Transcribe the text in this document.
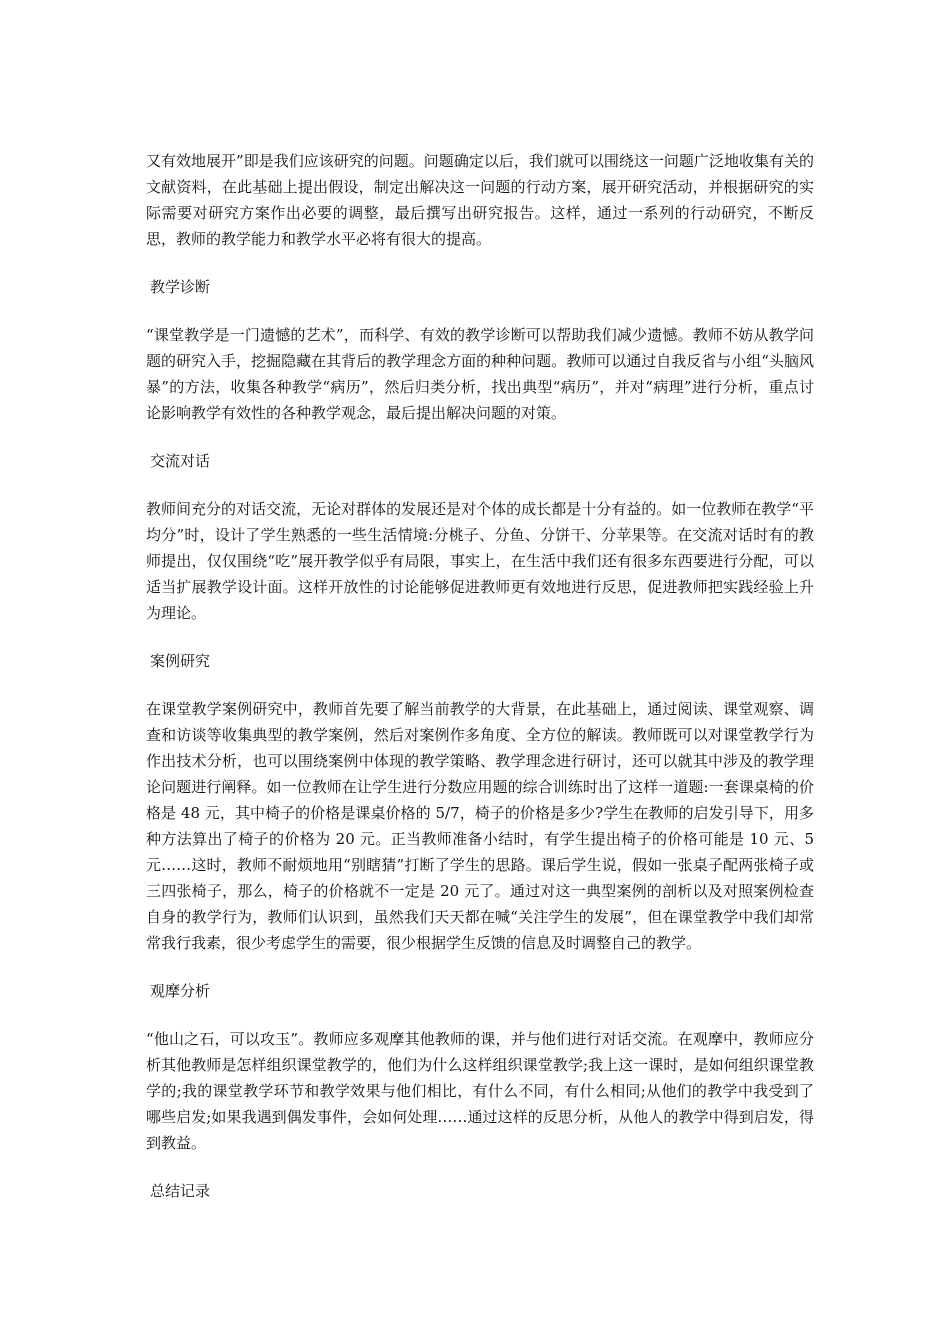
又有效地展开”即是我们应该研究的问题。问题确定以后，我们就可以围绕这一问题广泛地收集有关的文献资料，在此基础上提出假设，制定出解决这一问题的行动方案，展开研究活动，并根据研究的实际需要对研究方案作出必要的调整，最后撰写出研究报告。这样，通过一系列的行动研究，不断反思，教师的教学能力和教学水平必将有很大的提高。

教学诊断

“课堂教学是一门遗憾的艺术”，而科学、有效的教学诊断可以帮助我们减少遗憾。教师不妨从教学问题的研究入手，挖掘隐藏在其背后的教学理念方面的种种问题。教师可以通过自我反省与小组“头脑风暴”的方法，收集各种教学“病历”，然后归类分析，找出典型“病历”，并对“病理”进行分析，重点讨论影响教学有效性的各种教学观念，最后提出解决问题的对策。

交流对话

教师间充分的对话交流，无论对群体的发展还是对个体的成长都是十分有益的。如一位教师在教学“平均分”时，设计了学生熟悉的一些生活情境:分桃子、分鱼、分饼干、分苹果等。在交流对话时有的教师提出，仅仅围绕“吃”展开教学似乎有局限，事实上，在生活中我们还有很多东西要进行分配，可以适当扩展教学设计面。这样开放性的讨论能够促进教师更有效地进行反思，促进教师把实践经验上升为理论。

案例研究

在课堂教学案例研究中，教师首先要了解当前教学的大背景，在此基础上，通过阅读、课堂观察、调查和访谈等收集典型的教学案例，然后对案例作多角度、全方位的解读。教师既可以对课堂教学行为作出技术分析，也可以围绕案例中体现的教学策略、教学理念进行研讨，还可以就其中涉及的教学理论问题进行阐释。如一位教师在让学生进行分数应用题的综合训练时出了这样一道题:一套课桌椅的价格是 48 元，其中椅子的价格是课桌价格的 5/7，椅子的价格是多少?学生在教师的启发引导下，用多种方法算出了椅子的价格为 20 元。正当教师准备小结时，有学生提出椅子的价格可能是 10 元、5 元……这时，教师不耐烦地用“别瞎猜”打断了学生的思路。课后学生说，假如一张桌子配两张椅子或三四张椅子，那么，椅子的价格就不一定是 20 元了。通过对这一典型案例的剖析以及对照案例检查自身的教学行为，教师们认识到，虽然我们天天都在喊“关注学生的发展”，但在课堂教学中我们却常常我行我素，很少考虑学生的需要，很少根据学生反馈的信息及时调整自己的教学。

观摩分析

“他山之石，可以攻玉”。教师应多观摩其他教师的课，并与他们进行对话交流。在观摩中，教师应分析其他教师是怎样组织课堂教学的，他们为什么这样组织课堂教学;我上这一课时，是如何组织课堂教学的;我的课堂教学环节和教学效果与他们相比，有什么不同，有什么相同;从他们的教学中我受到了哪些启发;如果我遇到偶发事件，会如何处理……通过这样的反思分析，从他人的教学中得到启发，得到教益。

总结记录
